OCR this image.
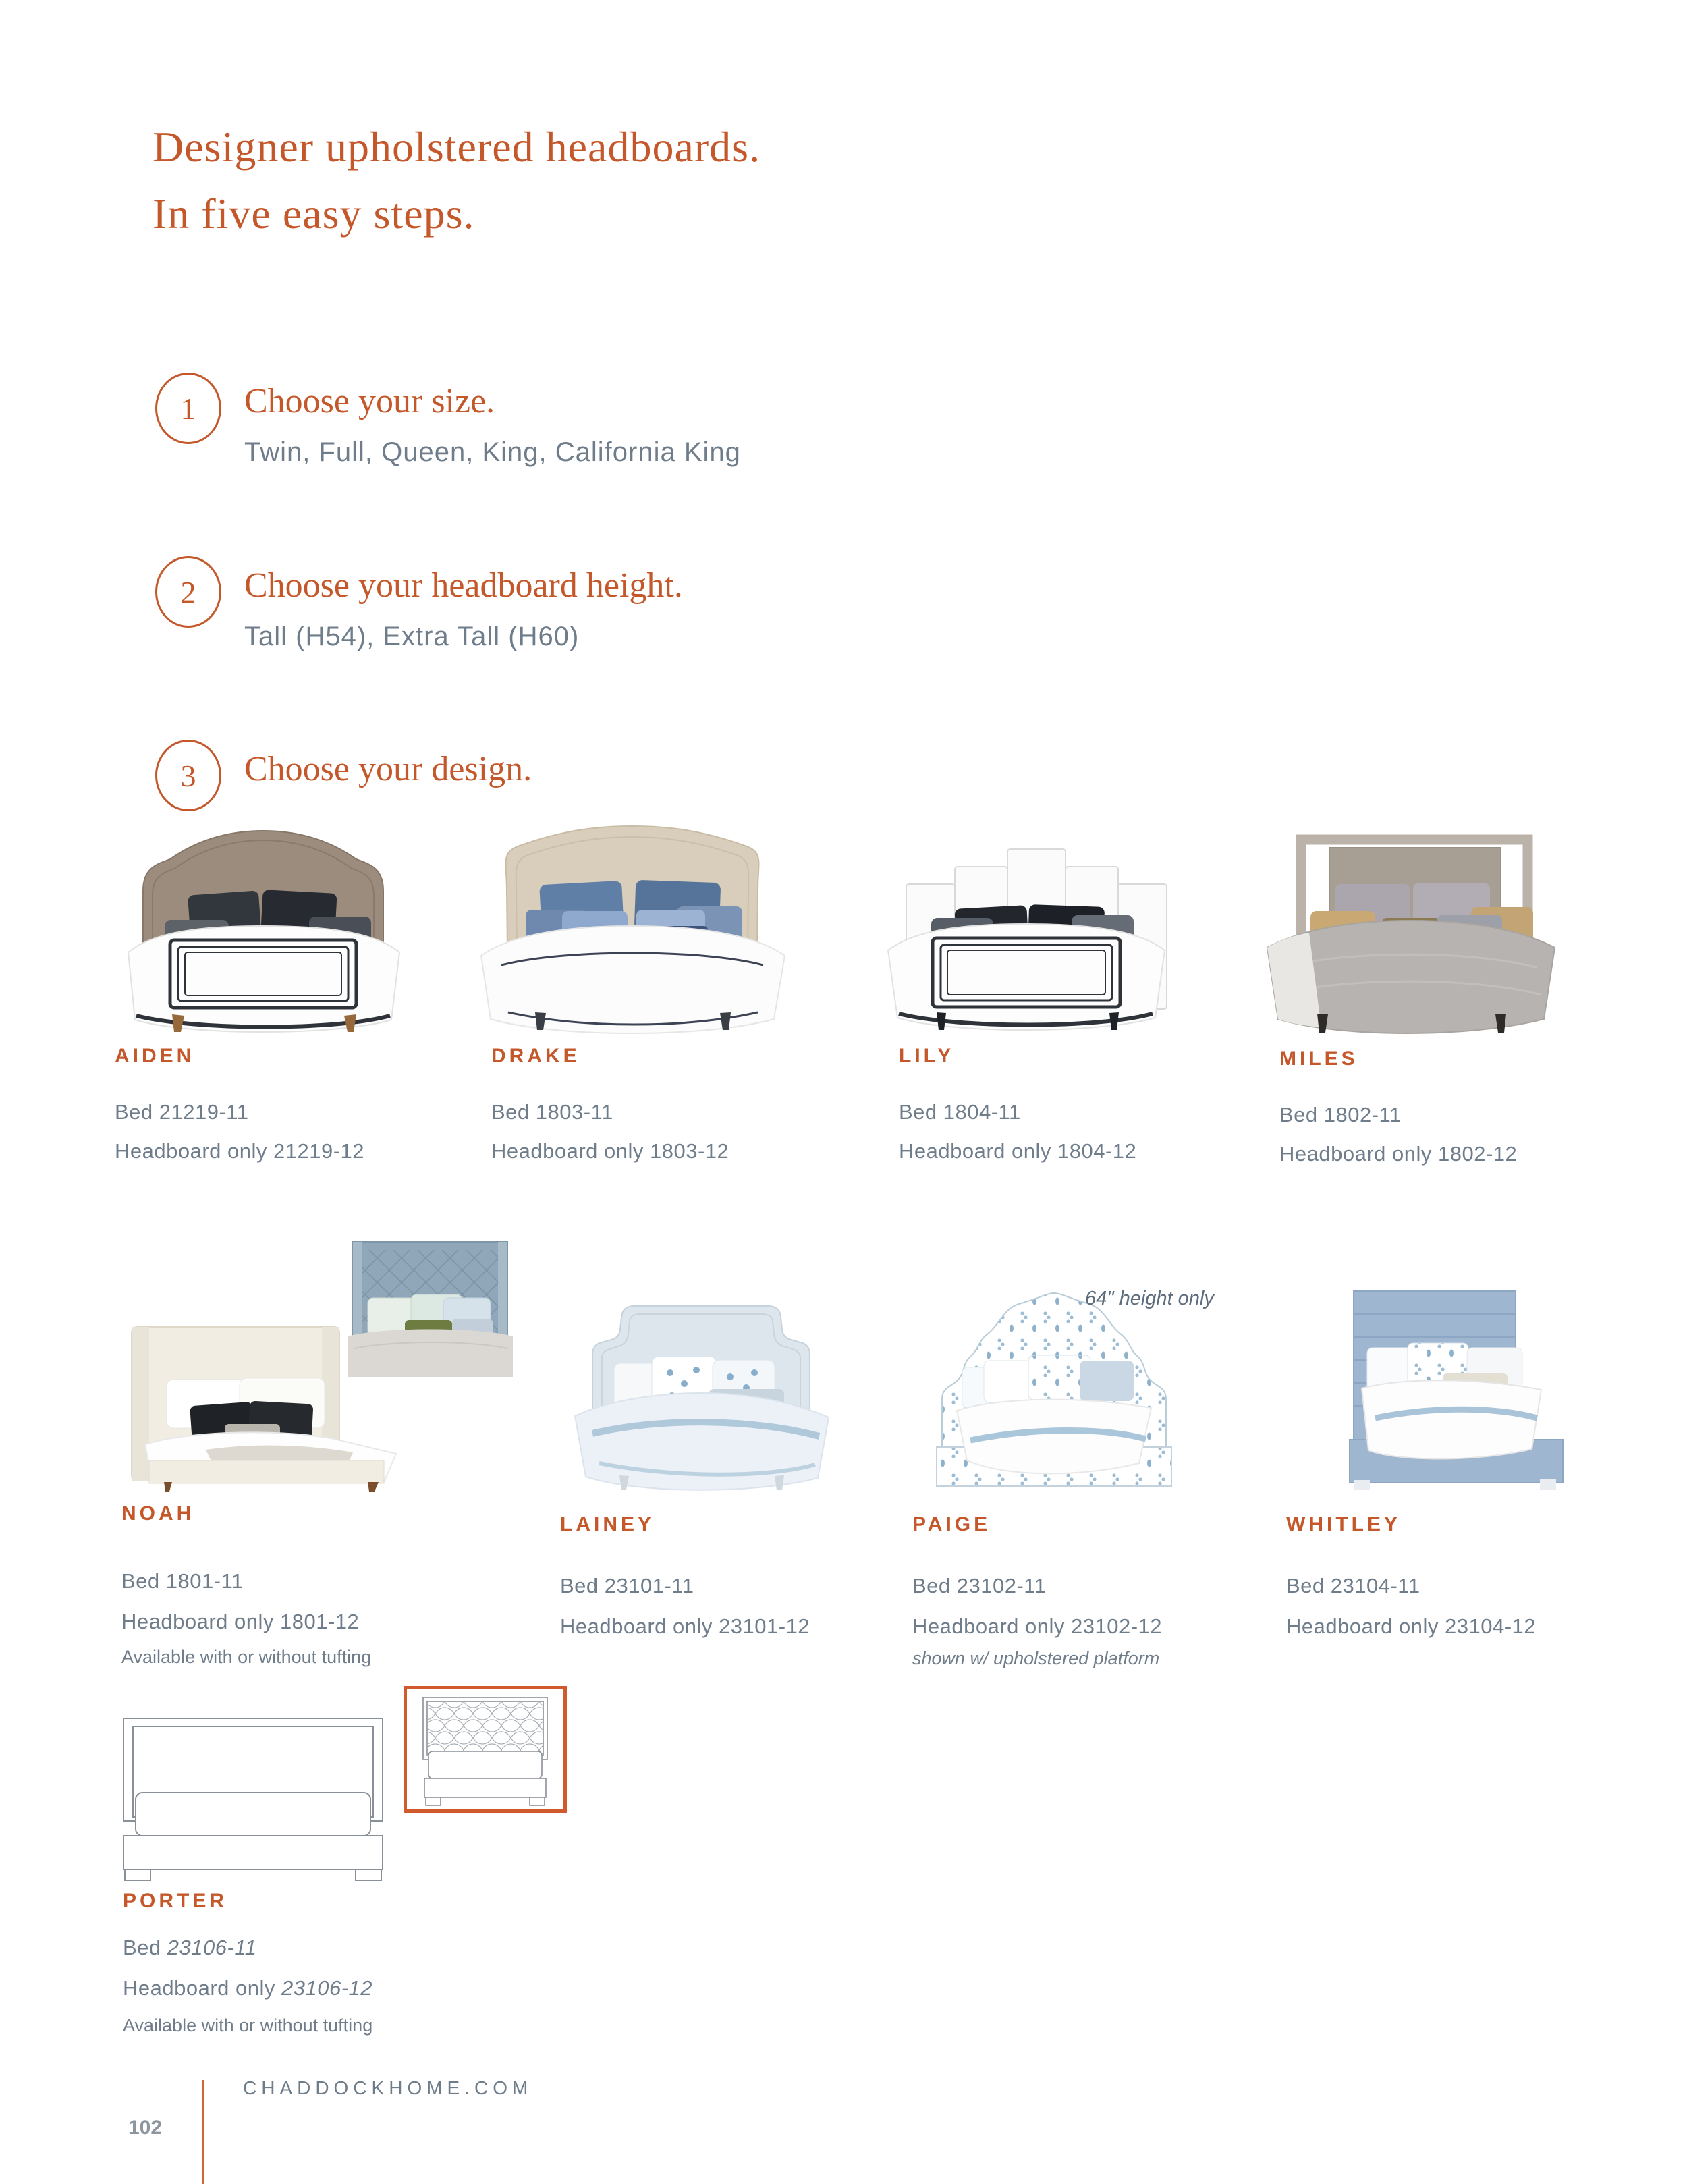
Designer upholstered headboards.
In five easy steps.
1 Choose your size.
Twin, Full, Queen, King, California King
2 Choose your headboard height.
Tall (H54), Extra Tall (H60)
3 Choose your design.
AIDEN
Bed 21219-11
Headboard only 21219-12
DRAKE
Bed 1803-11
Headboard only 1803-12
LILY
Bed 1804-11
Headboard only 1804-12
MILES
Bed 1802-11
Headboard only 1802-12
64" height only
NOAH
Bed 1801-11
Headboard only 1801-12
Available with or without tufting
LAINEY
Bed 23101-11
Headboard only 23101-12
PAIGE
Bed 23102-11
Headboard only 23102-12
shown w/ upholstered platform
WHITLEY
Bed 23104-11
Headboard only 23104-12
PORTER
Bed 23106-11
Headboard only 23106-12
Available with or without tufting
CHADDOCKHOME.COM
102
